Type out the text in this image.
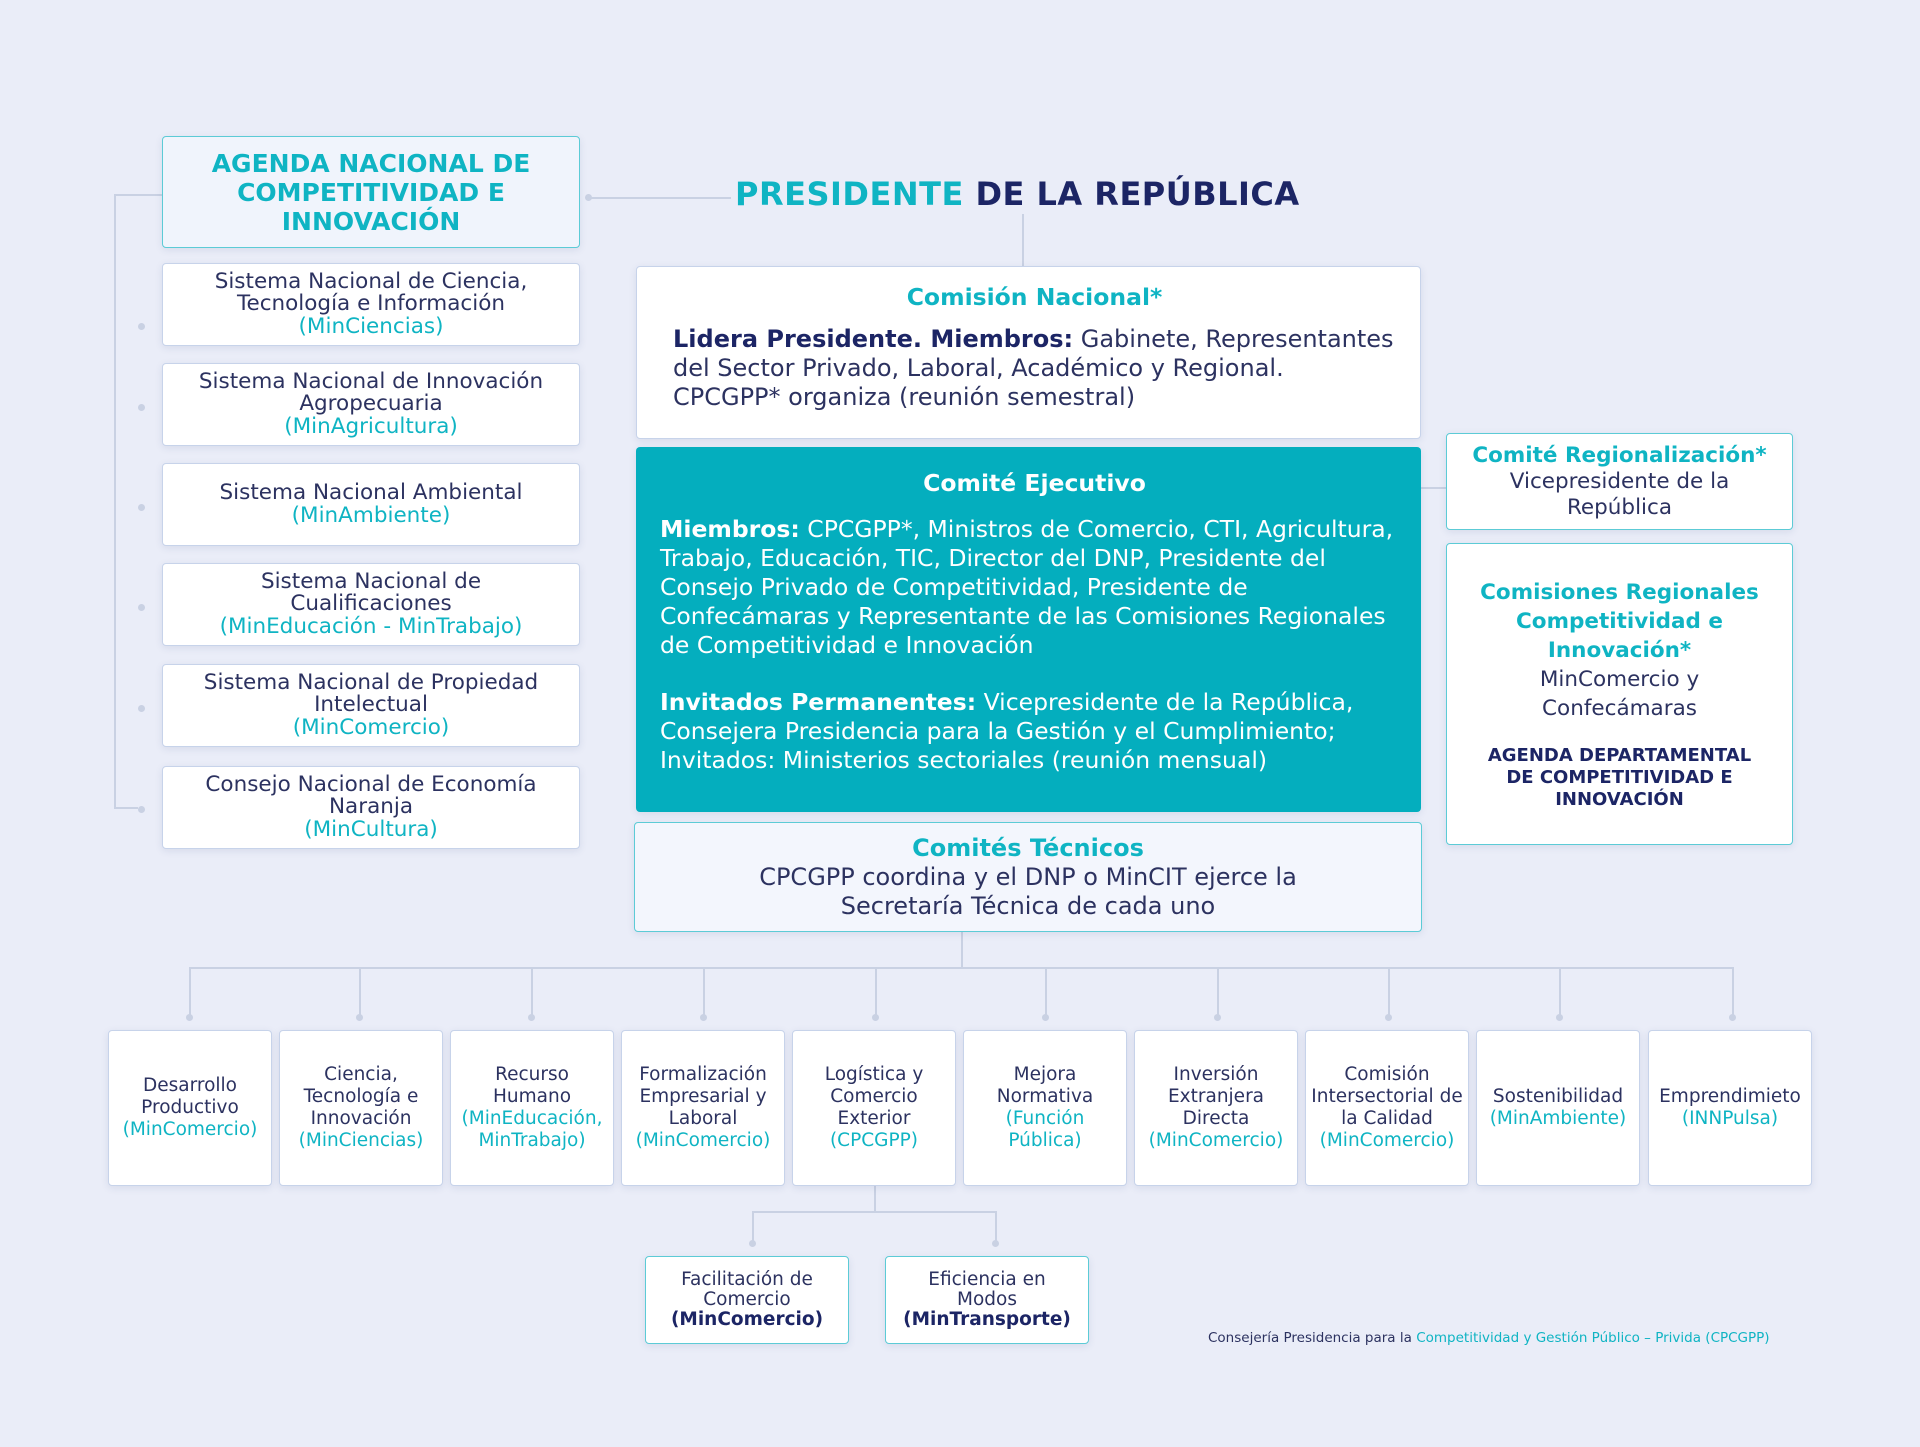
PRESIDENTE DE LA REPÚBLICA
AGENDA NACIONAL DE COMPETITIVIDAD E INNOVACIÓN
Sistema Nacional de Ciencia, Tecnología e Información
(MinCiencias)
Sistema Nacional de Innovación Agropecuaria
(MinAgricultura)
Sistema Nacional Ambiental
(MinAmbiente)
Sistema Nacional de Cualificaciones
(MinEducación - MinTrabajo)
Sistema Nacional de Propiedad Intelectual
(MinComercio)
Consejo Nacional de Economía Naranja
(MinCultura)
Comisión Nacional*
Lidera Presidente. Miembros: Gabinete, Representantes del Sector Privado, Laboral, Académico y Regional. CPCGPP* organiza (reunión semestral)
Comité Ejecutivo
Miembros: CPCGPP*, Ministros de Comercio, CTI, Agricultura, Trabajo, Educación, TIC, Director del DNP, Presidente del Consejo Privado de Competitividad, Presidente de Confecámaras y Representante de las Comisiones Regionales de Competitividad e Innovación
Invitados Permanentes: Vicepresidente de la República, Consejera Presidencia para la Gestión y el Cumplimiento; Invitados: Ministerios sectoriales (reunión mensual)
Comités Técnicos
CPCGPP coordina y el DNP o MinCIT ejerce la Secretaría Técnica de cada uno
Comité Regionalización*
Vicepresidente de la República
Comisiones Regionales Competitividad e Innovación*
MinComercio y Confecámaras
AGENDA DEPARTAMENTAL DE COMPETITIVIDAD E INNOVACIÓN
Desarrollo Productivo
(MinComercio)
Ciencia, Tecnología e Innovación
(MinCiencias)
Recurso Humano
(MinEducación, MinTrabajo)
Formalización Empresarial y Laboral
(MinComercio)
Logística y Comercio Exterior
(CPCGPP)
Mejora Normativa
(Función Pública)
Inversión Extranjera Directa
(MinComercio)
Comisión Intersectorial de la Calidad
(MinComercio)
Sostenibilidad
(MinAmbiente)
Emprendimieto
(INNPulsa)
Facilitación de Comercio
(MinComercio)
Eficiencia en Modos
(MinTransporte)
Consejería Presidencia para la Competitividad y Gestión Público – Privida (CPCGPP)
